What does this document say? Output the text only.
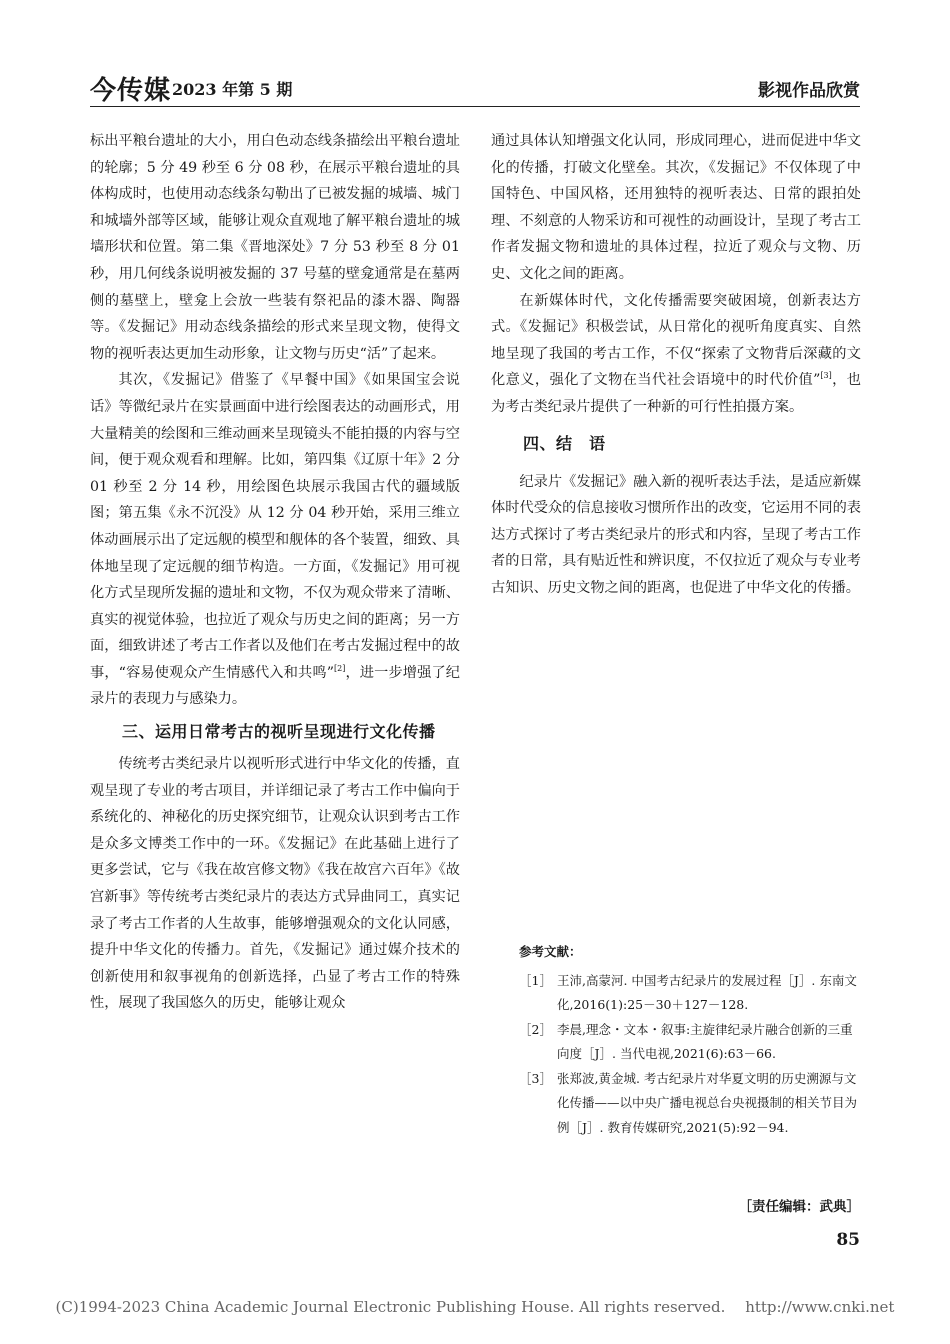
今传媒 2023 年第 5 期	影视作品欣赏

标出平粮台遗址的大小，用白色动态线条描绘出平粮台遗址的轮廓；5 分 49 秒至 6 分 08 秒，在展示平粮台遗址的具体构成时，也使用动态线条勾勒出了已被发掘的城墙、城门和城墙外部等区域，能够让观众直观地了解平粮台遗址的城墙形状和位置。第二集《晋地深处》7 分 53 秒至 8 分 01 秒，用几何线条说明被发掘的 37 号墓的壁龛通常是在墓两侧的墓壁上，壁龛上会放一些装有祭祀品的漆木器、陶器等。《发掘记》用动态线条描绘的形式来呈现文物，使得文物的视听表达更加生动形象，让文物与历史“活”了起来。

其次，《发掘记》借鉴了《早餐中国》《如果国宝会说话》等微纪录片在实景画面中进行绘图表达的动画形式，用大量精美的绘图和三维动画来呈现镜头不能拍摄的内容与空间，便于观众观看和理解。比如，第四集《辽原十年》2 分 01 秒至 2 分 14 秒，用绘图色块展示我国古代的疆域版图；第五集《永不沉没》从 12 分 04 秒开始，采用三维立体动画展示出了定远舰的模型和舰体的各个装置，细致、具体地呈现了定远舰的细节构造。一方面，《发掘记》用可视化方式呈现所发掘的遗址和文物，不仅为观众带来了清晰、真实的视觉体验，也拉近了观众与历史之间的距离；另一方面，细致讲述了考古工作者以及他们在考古发掘过程中的故事，“容易使观众产生情感代入和共鸣”[2]，进一步增强了纪录片的表现力与感染力。

三、运用日常考古的视听呈现进行文化传播

传统考古类纪录片以视听形式进行中华文化的传播，直观呈现了专业的考古项目，并详细记录了考古工作中偏向于系统化的、神秘化的历史探究细节，让观众认识到考古工作是众多文博类工作中的一环。《发掘记》在此基础上进行了更多尝试，它与《我在故宫修文物》《我在故宫六百年》《故宫新事》等传统考古类纪录片的表达方式异曲同工，真实记录了考古工作者的人生故事，能够增强观众的文化认同感，提升中华文化的传播力。首先，《发掘记》通过媒介技术的创新使用和叙事视角的创新选择，凸显了考古工作的特殊性，展现了我国悠久的历史，能够让观众

通过具体认知增强文化认同，形成同理心，进而促进中华文化的传播，打破文化壁垒。其次，《发掘记》不仅体现了中国特色、中国风格，还用独特的视听表达、日常的跟拍处理、不刻意的人物采访和可视性的动画设计，呈现了考古工作者发掘文物和遗址的具体过程，拉近了观众与文物、历史、文化之间的距离。

在新媒体时代，文化传播需要突破困境，创新表达方式。《发掘记》积极尝试，从日常化的视听角度真实、自然地呈现了我国的考古工作，不仅“探索了文物背后深藏的文化意义，强化了文物在当代社会语境中的时代价值”[3]，也为考古类纪录片提供了一种新的可行性拍摄方案。

四、结　语

纪录片《发掘记》融入新的视听表达手法，是适应新媒体时代受众的信息接收习惯所作出的改变，它运用不同的表达方式探讨了考古类纪录片的形式和内容，呈现了考古工作者的日常，具有贴近性和辨识度，不仅拉近了观众与专业考古知识、历史文物之间的距离，也促进了中华文化的传播。

参考文献：
［1］ 王沛,高蒙河. 中国考古纪录片的发展过程［J］. 东南文化,2016(1):25－30＋127－128.
［2］ 李晨,理念・文本・叙事:主旋律纪录片融合创新的三重向度［J］. 当代电视,2021(6):63－66.
［3］ 张郑波,黄金城. 考古纪录片对华夏文明的历史溯源与文化传播——以中央广播电视总台央视摄制的相关节目为例［J］. 教育传媒研究,2021(5):92－94.
［责任编辑：武典］
85
(C)1994-2023 China Academic Journal Electronic Publishing House. All rights reserved.　 http://www.cnki.net
